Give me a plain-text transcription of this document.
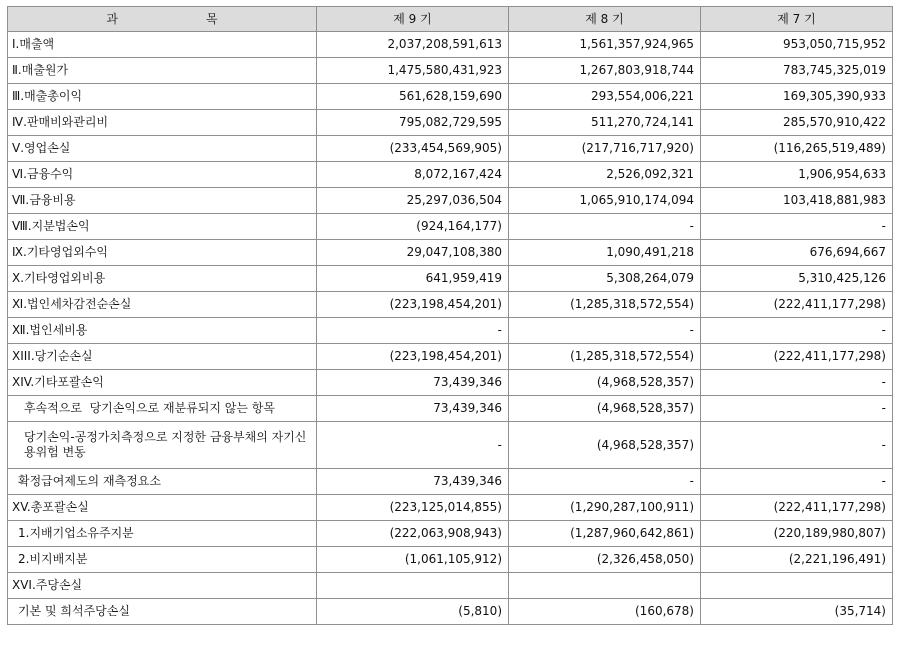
과 목	제 9 기	제 8 기	제 7 기
Ⅰ.매출액	2,037,208,591,613	1,561,357,924,965	953,050,715,952
Ⅱ.매출원가	1,475,580,431,923	1,267,803,918,744	783,745,325,019
Ⅲ.매출총이익	561,628,159,690	293,554,006,221	169,305,390,933
Ⅳ.판매비와관리비	795,082,729,595	511,270,724,141	285,570,910,422
Ⅴ.영업손실	(233,454,569,905)	(217,716,717,920)	(116,265,519,489)
Ⅵ.금융수익	8,072,167,424	2,526,092,321	1,906,954,633
Ⅶ.금융비용	25,297,036,504	1,065,910,174,094	103,418,881,983
Ⅷ.지분법손익	(924,164,177)	-	-
Ⅸ.기타영업외수익	29,047,108,380	1,090,491,218	676,694,667
Ⅹ.기타영업외비용	641,959,419	5,308,264,079	5,310,425,126
Ⅺ.법인세차감전순손실	(223,198,454,201)	(1,285,318,572,554)	(222,411,177,298)
Ⅻ.법인세비용	-	-	-
XIII.당기순손실	(223,198,454,201)	(1,285,318,572,554)	(222,411,177,298)
XIV.기타포괄손익	73,439,346	(4,968,528,357)	-
후속적으로  당기손익으로 재분류되지 않는 항목	73,439,346	(4,968,528,357)	-
당기손익-공정가치측정으로 지정한 금융부채의 자기신용위험 변동	-	(4,968,528,357)	-
확정급여제도의 재측정요소	73,439,346	-	-
XV.총포괄손실	(223,125,014,855)	(1,290,287,100,911)	(222,411,177,298)
1.지배기업소유주지분	(222,063,908,943)	(1,287,960,642,861)	(220,189,980,807)
2.비지배지분	(1,061,105,912)	(2,326,458,050)	(2,221,196,491)
XVI.주당손실			
기본 및 희석주당손실	(5,810)	(160,678)	(35,714)
